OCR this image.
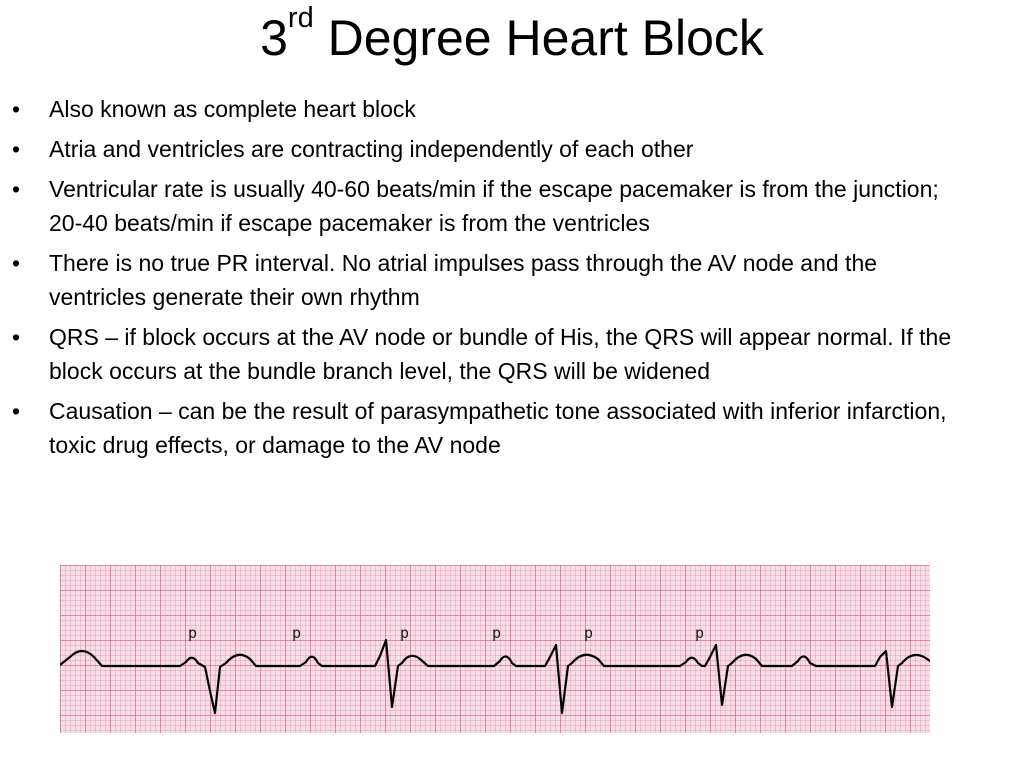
3rd Degree Heart Block
•	Also known as complete heart block
•	Atria and ventricles are contracting independently of each other
•	Ventricular rate is usually 40-60 beats/min if the escape pacemaker is from the junction; 20-40 beats/min if escape pacemaker is from the ventricles
•	There is no true PR interval. No atrial impulses pass through the AV node and the ventricles generate their own rhythm
•	QRS – if block occurs at the AV node or bundle of His, the QRS will appear normal. If the block occurs at the bundle branch level, the QRS will be widened
•	Causation – can be the result of parasympathetic tone associated with inferior infarction, toxic drug effects, or damage to the AV node
p	p	p	p	p	p
